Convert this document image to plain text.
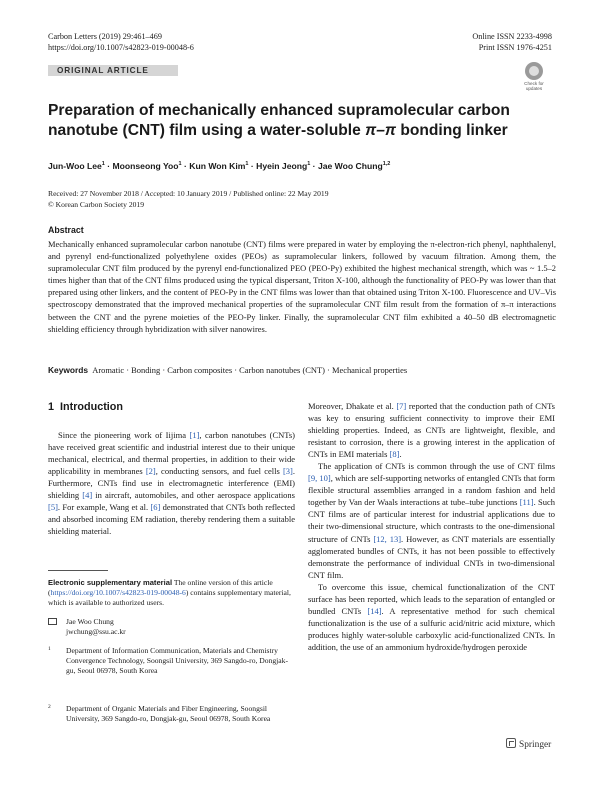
Carbon Letters (2019) 29:461–469
https://doi.org/10.1007/s42823-019-00048-6
Online ISSN 2233-4998
Print ISSN 1976-4251
ORIGINAL ARTICLE
Check for
updates
Preparation of mechanically enhanced supramolecular carbon nanotube (CNT) film using a water-soluble π–π bonding linker
Jun-Woo Lee$^1$ · Moonseong Yoo$^1$ · Kun Won Kim$^1$ · Hyein Jeong$^1$ · Jae Woo Chung$^{1,2}$
Received: 27 November 2018 / Accepted: 10 January 2019 / Published online: 22 May 2019
© Korean Carbon Society 2019
Abstract

Mechanically enhanced supramolecular carbon nanotube (CNT) films were prepared in water by employing the π-electron-rich phenyl, naphthalenyl, and pyrenyl end-functionalized polyethylene oxides (PEOs) as supramolecular linkers, followed by vacuum filtration. Among them, the supramolecular CNT film produced by the pyrenyl end-functionalized PEO (PEO-Py) exhibited the highest mechanical strength, which was ~ 1.5–2 times higher than that of the CNT films produced using the typical dispersant, Triton X-100, although the functionality of PEO-Py was lower than that prepared using other linkers, and the content of PEO-Py in the CNT films was lower than that obtained using Triton X-100. Fluorescence and UV–Vis spectroscopy demonstrated that the improved mechanical properties of the supramolecular CNT film result from the formation of π–π interactions between the CNT and the pyrene moieties of the PEO-Py linker. Finally, the supramolecular CNT film exhibited a 40–50 dB electromagnetic shielding efficiency through hybridization with silver nanowires.

Keywords Aromatic · Bonding · Carbon composites · Carbon nanotubes (CNT) · Mechanical properties
1 Introduction

Since the pioneering work of Iijima [1], carbon nanotubes (CNTs) have received great scientific and industrial interest due to their unique mechanical, electrical, and thermal properties, in addition to their wide applicability in membranes [2], conducting sensors, and fuel cells [3]. Furthermore, CNTs find use in electromagnetic interference (EMI) shielding [4] in aircraft, automobiles, and other aerospace applications [5]. For example, Wang et al. [6] demonstrated that CNTs both reflected and absorbed incoming EM radiation, thereby rendering them a suitable shielding material.

Moreover, Dhakate et al. [7] reported that the conduction path of CNTs was key to ensuring sufficient connectivity to improve their EMI shielding properties. Indeed, as CNTs are lightweight, flexible, and resistant to corrosion, there is a growing interest in the application of CNTs in EMI materials [8].

The application of CNTs is common through the use of CNT films [9, 10], which are self-supporting networks of entangled CNTs that form flexible structural assemblies arranged in a random fashion and held together by Van der Waals interactions at tube–tube junctions [11]. Such CNT films are of particular interest for industrial applications due to their two-dimensional structure, which contrasts to the one-dimensional structure of CNTs [12, 13]. However, as CNT materials are essentially agglomerated bundles of CNTs, it has not been possible to effectively demonstrate the performance of individual CNTs in two-dimensional CNT film.

To overcome this issue, chemical functionalization of the CNT surface has been reported, which leads to the separation of entangled or bundled CNTs [14]. A representative method for such chemical functionalization is the use of a sulfuric acid/nitric acid mixture, which produces highly water-soluble carboxylic acid-functionalized CNTs. In addition, the use of an ammonium hydroxide/hydrogen peroxide

Electronic supplementary material The online version of this article (https://doi.org/10.1007/s42823-019-00048-6) contains supplementary material, which is available to authorized users.
Jae Woo Chung
jwchung@ssu.ac.kr
1 Department of Information Communication, Materials and Chemistry Convergence Technology, Soongsil University, 369 Sangdo-ro, Dongjak-gu, Seoul 06978, South Korea
2 Department of Organic Materials and Fiber Engineering, Soongsil University, 369 Sangdo-ro, Dongjak-gu, Seoul 06978, South Korea
Springer
